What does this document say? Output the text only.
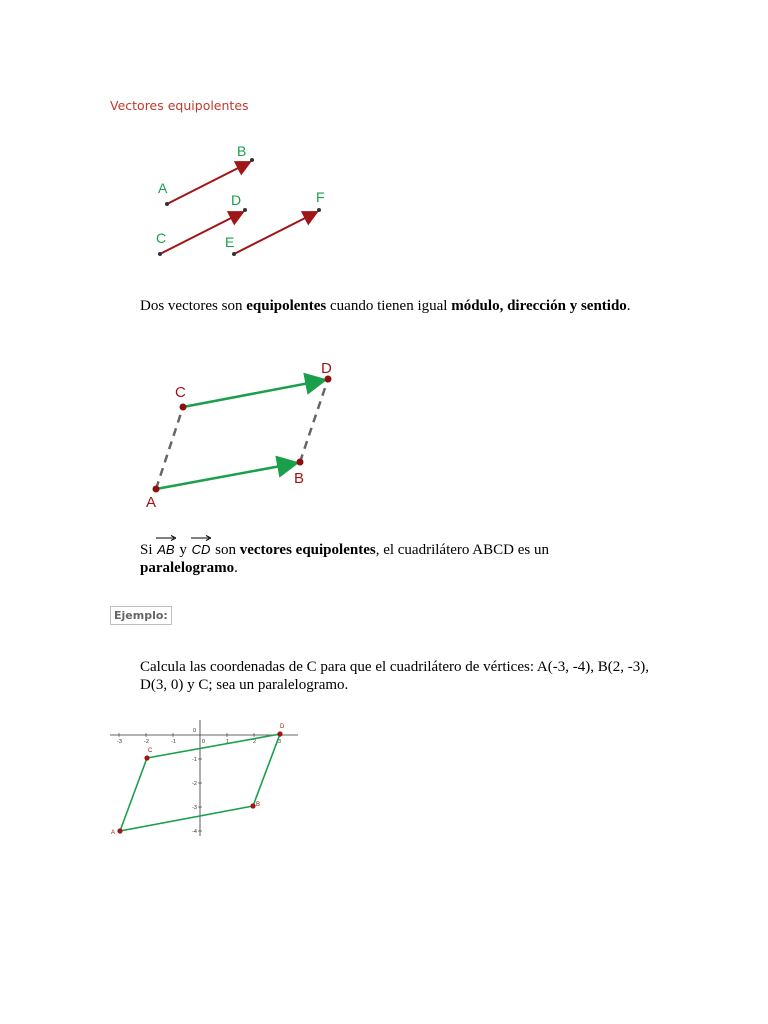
Vectores equipolentes
A
B
C
D
E
F
Dos vectores son equipolentes cuando tienen igual módulo, dirección y sentido.
A
B
C
D
Si
AB y
CD son vectores equipolentes, el cuadrilátero ABCD es un paralelogramo.
Ejemplo:
Calcula las coordenadas de C para que el cuadrilátero de vértices: A(-3, -4), B(2, -3), D(3, 0) y C; sea un paralelogramo.
-3	-2	-1	0	1	2	3
0
-1
-2
-3
-4
A
B
C
D
